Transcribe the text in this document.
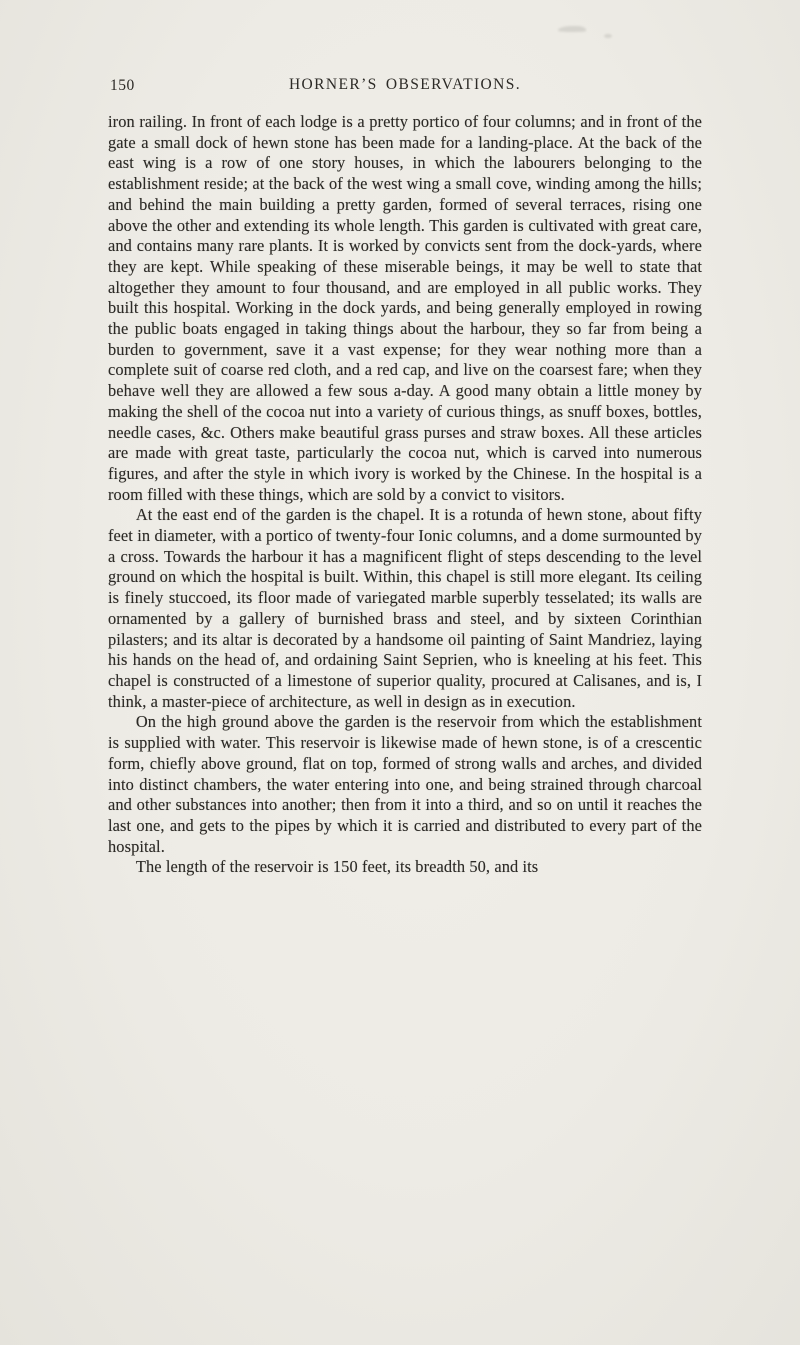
150	HORNER’S OBSERVATIONS.

iron railing. In front of each lodge is a pretty portico of four columns; and in front of the gate a small dock of hewn stone has been made for a landing-place. At the back of the east wing is a row of one story houses, in which the labourers belonging to the establishment reside; at the back of the west wing a small cove, winding among the hills; and behind the main building a pretty garden, formed of several terraces, rising one above the other and extending its whole length. This garden is cultivated with great care, and contains many rare plants. It is worked by convicts sent from the dock-yards, where they are kept. While speaking of these miserable beings, it may be well to state that altogether they amount to four thousand, and are employed in all public works. They built this hospital. Working in the dock yards, and being generally employed in rowing the public boats engaged in taking things about the harbour, they so far from being a burden to government, save it a vast expense; for they wear nothing more than a complete suit of coarse red cloth, and a red cap, and live on the coarsest fare; when they behave well they are allowed a few sous a-day. A good many obtain a little money by making the shell of the cocoa nut into a variety of curious things, as snuff boxes, bottles, needle cases, &c. Others make beautiful grass purses and straw boxes. All these articles are made with great taste, particularly the cocoa nut, which is carved into numerous figures, and after the style in which ivory is worked by the Chinese. In the hospital is a room filled with these things, which are sold by a convict to visitors.

At the east end of the garden is the chapel. It is a rotunda of hewn stone, about fifty feet in diameter, with a portico of twenty-four Ionic columns, and a dome surmounted by a cross. Towards the harbour it has a magnificent flight of steps descending to the level ground on which the hospital is built. Within, this chapel is still more elegant. Its ceiling is finely stuccoed, its floor made of variegated marble superbly tesselated; its walls are ornamented by a gallery of burnished brass and steel, and by sixteen Corinthian pilasters; and its altar is decorated by a handsome oil painting of Saint Mandriez, laying his hands on the head of, and ordaining Saint Seprien, who is kneeling at his feet. This chapel is constructed of a limestone of superior quality, procured at Calisanes, and is, I think, a master-piece of architecture, as well in design as in execution.

On the high ground above the garden is the reservoir from which the establishment is supplied with water. This reservoir is likewise made of hewn stone, is of a crescentic form, chiefly above ground, flat on top, formed of strong walls and arches, and divided into distinct chambers, the water entering into one, and being strained through charcoal and other substances into another; then from it into a third, and so on until it reaches the last one, and gets to the pipes by which it is carried and distributed to every part of the hospital.

The length of the reservoir is 150 feet, its breadth 50, and its
